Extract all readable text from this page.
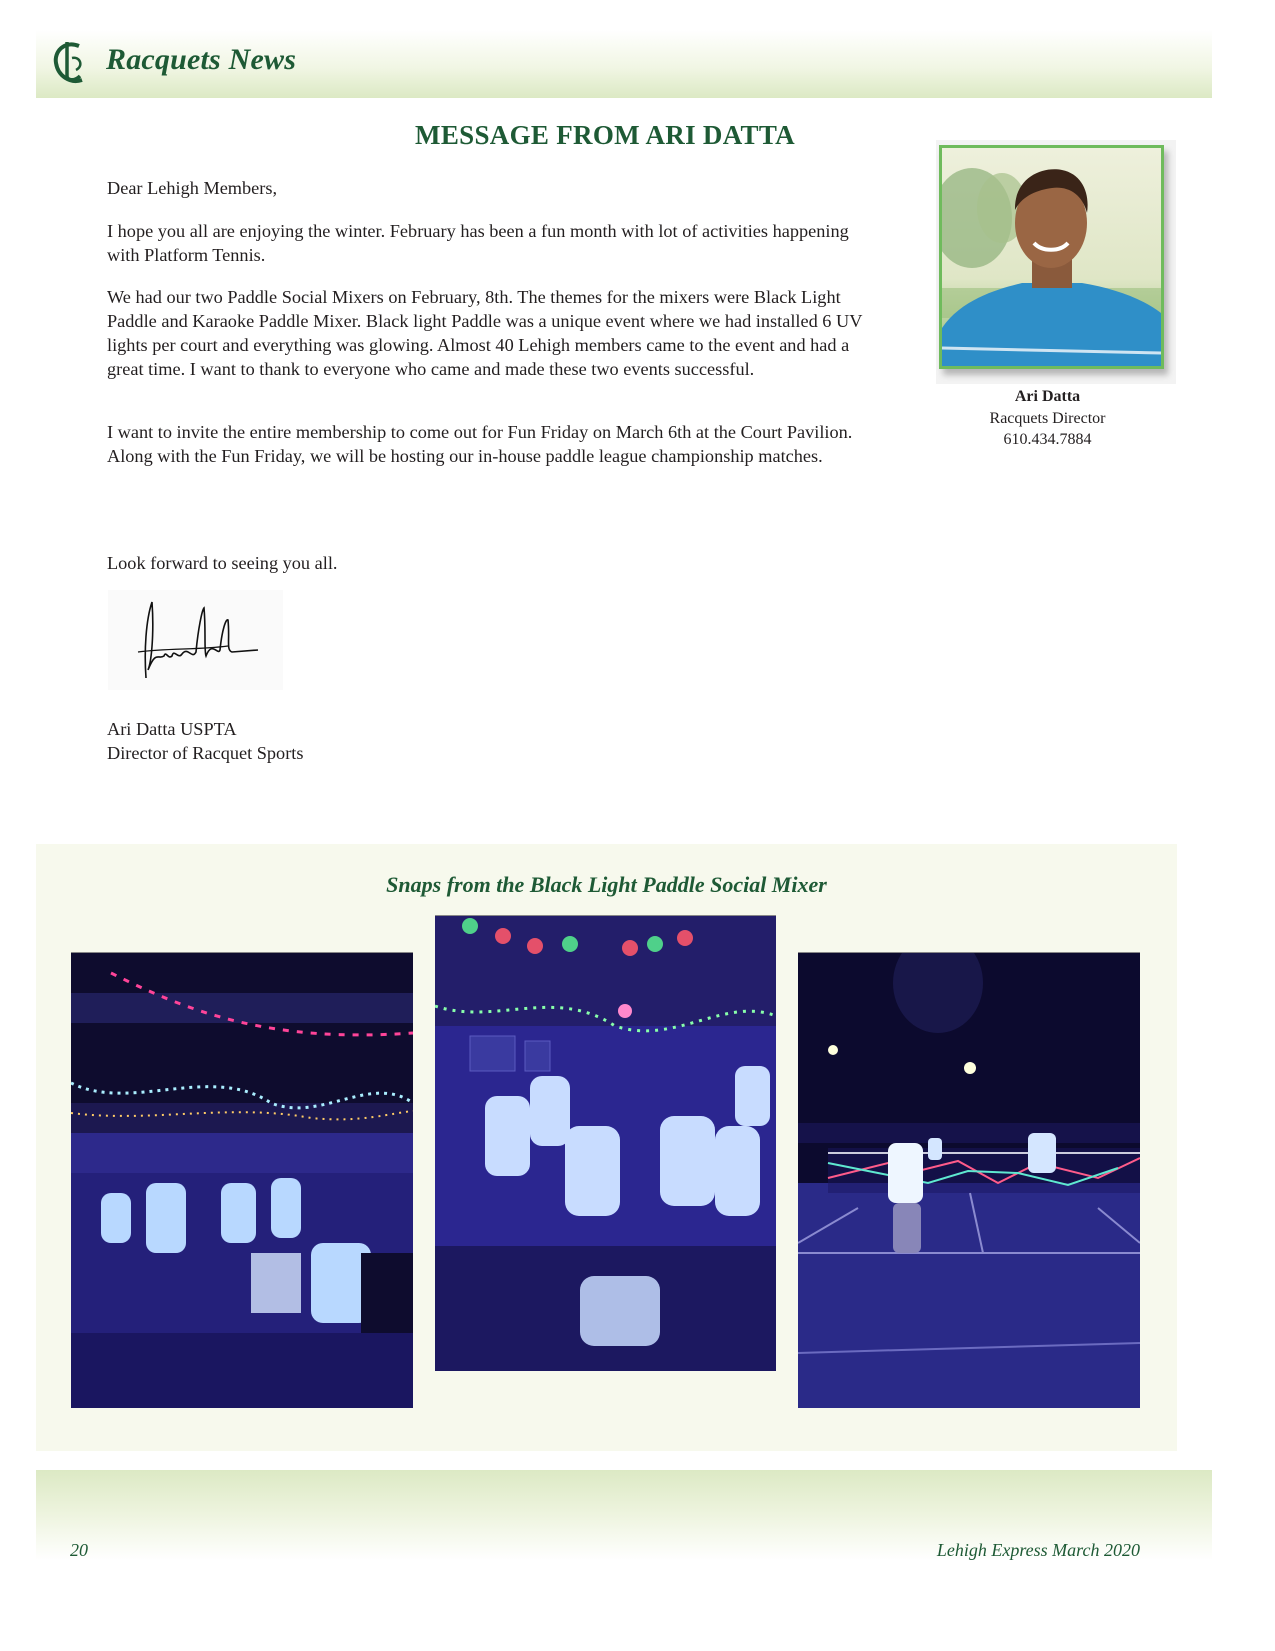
Racquets News
MESSAGE FROM ARI DATTA

Dear Lehigh Members,

I hope you all are enjoying the winter. February has been a fun month with lot of activities happening with Platform Tennis.

We had our two Paddle Social Mixers on February, 8th. The themes for the mixers were Black Light Paddle and Karaoke Paddle Mixer. Black light Paddle was a unique event where we had installed 6 UV lights per court and everything was glowing. Almost 40 Lehigh members came to the event and had a great time. I want to thank to everyone who came and made these two events successful.

I want to invite the entire membership to come out for Fun Friday on March 6th at the Court Pavilion. Along with the Fun Friday, we will be hosting our in-house paddle league championship matches.

Look forward to seeing you all.

Ari Datta USPTA

Director of Racquet Sports

Ari Datta
Racquets Director
610.434.7884
Snaps from the Black Light Paddle Social Mixer
20	Lehigh Express March 2020
